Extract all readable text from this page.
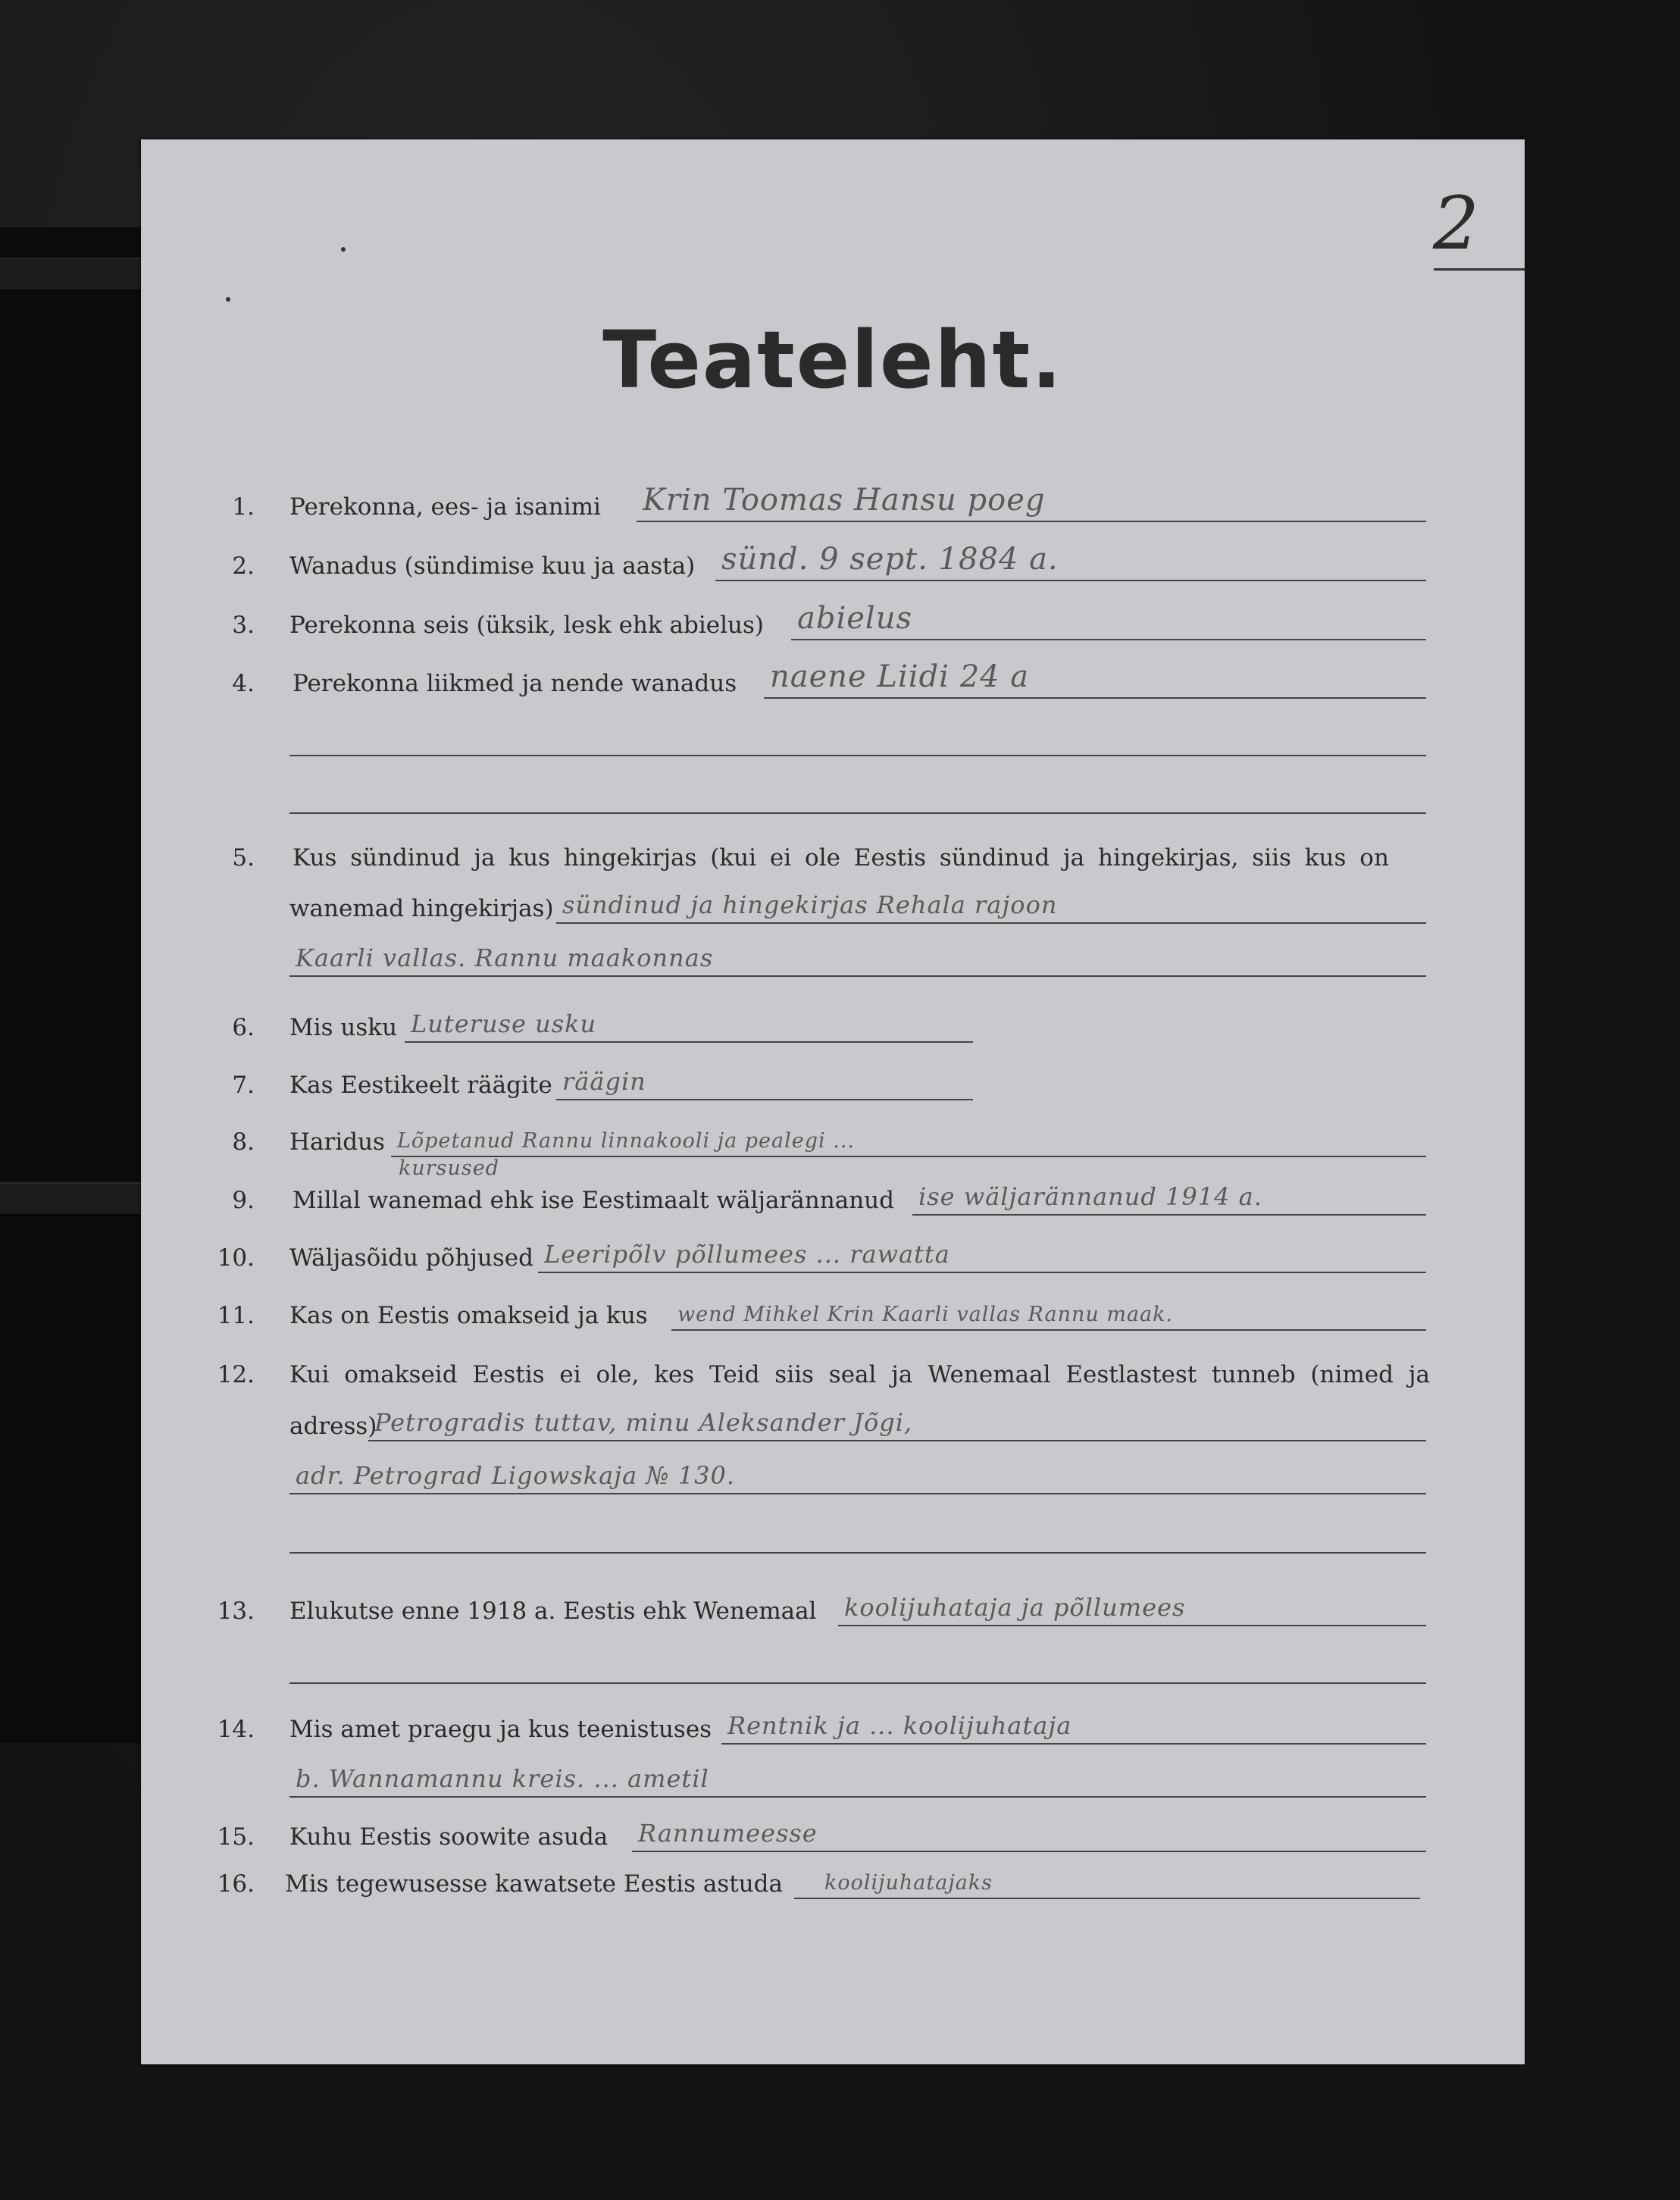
2
Teateleht.
1. Perekonna, ees- ja isanimi Krin Toomas Hansu poeg
2. Wanadus (sündimise kuu ja aasta) sünd. 9 sept. 1884 a.
3. Perekonna seis (üksik, lesk ehk abielus) abielus
4. Perekonna liikmed ja nende wanadus naene Liidi 24 a
5. Kus sündinud ja kus hingekirjas (kui ei ole Eestis sündinud ja hingekirjas, siis kus on
wanemad hingekirjas) sündinud ja hingekirjas Rehala rajoon
Kaarli vallas. Rannu maakonnas
6. Mis usku Luteruse usku
7. Kas Eestikeelt räägite räägin
8. Haridus Lõpetanud Rannu linnakooli ja pealegi ...
kursused
9. Millal wanemad ehk ise Eestimaalt wäljarännanud ise wäljarännanud 1914 a.
10. Wäljasõidu põhjused Leeripõlv põllumees ... rawatta
11. Kas on Eestis omakseid ja kus wend Mihkel Krin Kaarli vallas Rannu maak.
12. Kui omakseid Eestis ei ole, kes Teid siis seal ja Wenemaal Eestlastest tunneb (nimed ja
adress)
Petrogradis tuttav, minu Aleksander Jõgi,
adr. Petrograd Ligowskaja № 130.
13. Elukutse enne 1918 a. Eestis ehk Wenemaal koolijuhataja ja põllumees
14. Mis amet praegu ja kus teenistuses Rentnik ja ... koolijuhataja
b. Wannamannu kreis. ... ametil
15. Kuhu Eestis soowite asuda Rannumeesse
16. Mis tegewusesse kawatsete Eestis astuda koolijuhatajaks
